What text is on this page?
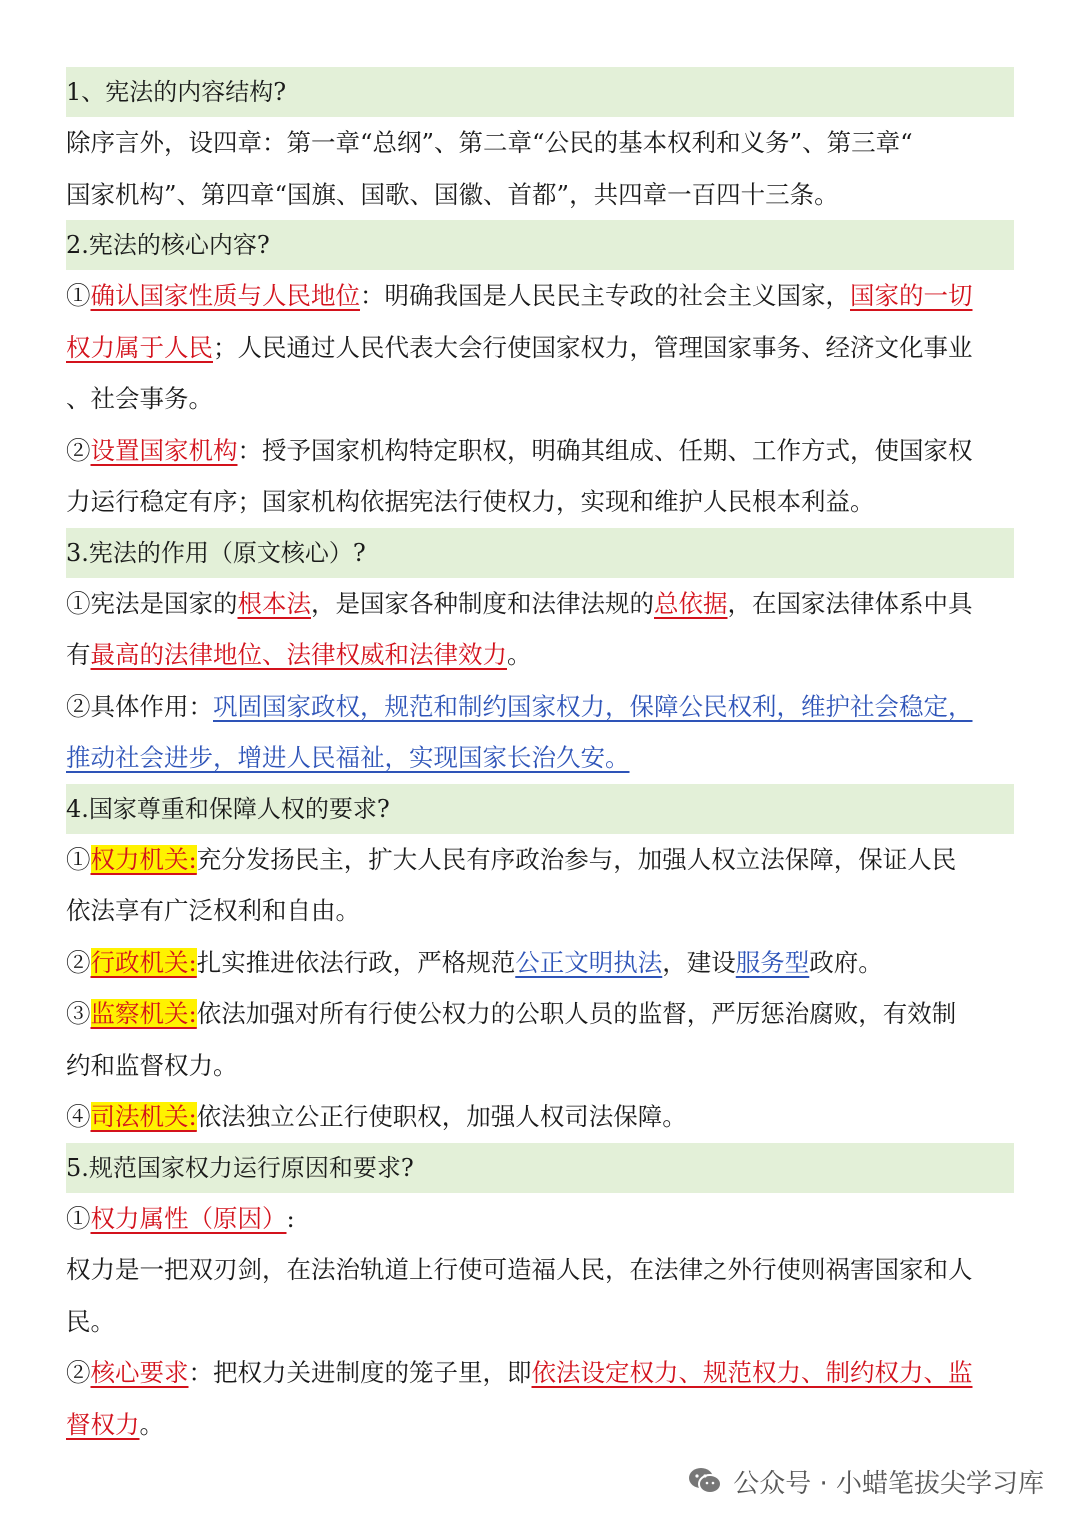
1、宪法的内容结构?

除序言外，设四章：第一章“总纲”、第二章“公民的基本权利和义务”、第三章“

国家机构”、第四章“国旗、国歌、国徽、首都”，共四章一百四十三条。

2.宪法的核心内容?

①确认国家性质与人民地位：明确我国是人民民主专政的社会主义国家，国家的一切

权力属于人民；人民通过人民代表大会行使国家权力，管理国家事务、经济文化事业

、社会事务。

②设置国家机构：授予国家机构特定职权，明确其组成、任期、工作方式，使国家权

力运行稳定有序；国家机构依据宪法行使权力，实现和维护人民根本利益。

3.宪法的作用（原文核心）?

①宪法是国家的根本法，是国家各种制度和法律法规的总依据，在国家法律体系中具

有最高的法律地位、法律权威和法律效力。

②具体作用：巩固国家政权，规范和制约国家权力，保障公民权利，维护社会稳定，

推动社会进步，增进人民福祉，实现国家长治久安。

4.国家尊重和保障人权的要求?

①权力机关:充分发扬民主，扩大人民有序政治参与，加强人权立法保障，保证人民

依法享有广泛权利和自由。

②行政机关:扎实推进依法行政，严格规范公正文明执法，建设服务型政府。

③监察机关:依法加强对所有行使公权力的公职人员的监督，严厉惩治腐败，有效制

约和监督权力。

④司法机关:依法独立公正行使职权，加强人权司法保障。

5.规范国家权力运行原因和要求?

①权力属性（原因）:

权力是一把双刃剑，在法治轨道上行使可造福人民，在法律之外行使则祸害国家和人

民。

②核心要求：把权力关进制度的笼子里，即依法设定权力、规范权力、制约权力、监

督权力。

公众号 · 小蜡笔拔尖学习库
